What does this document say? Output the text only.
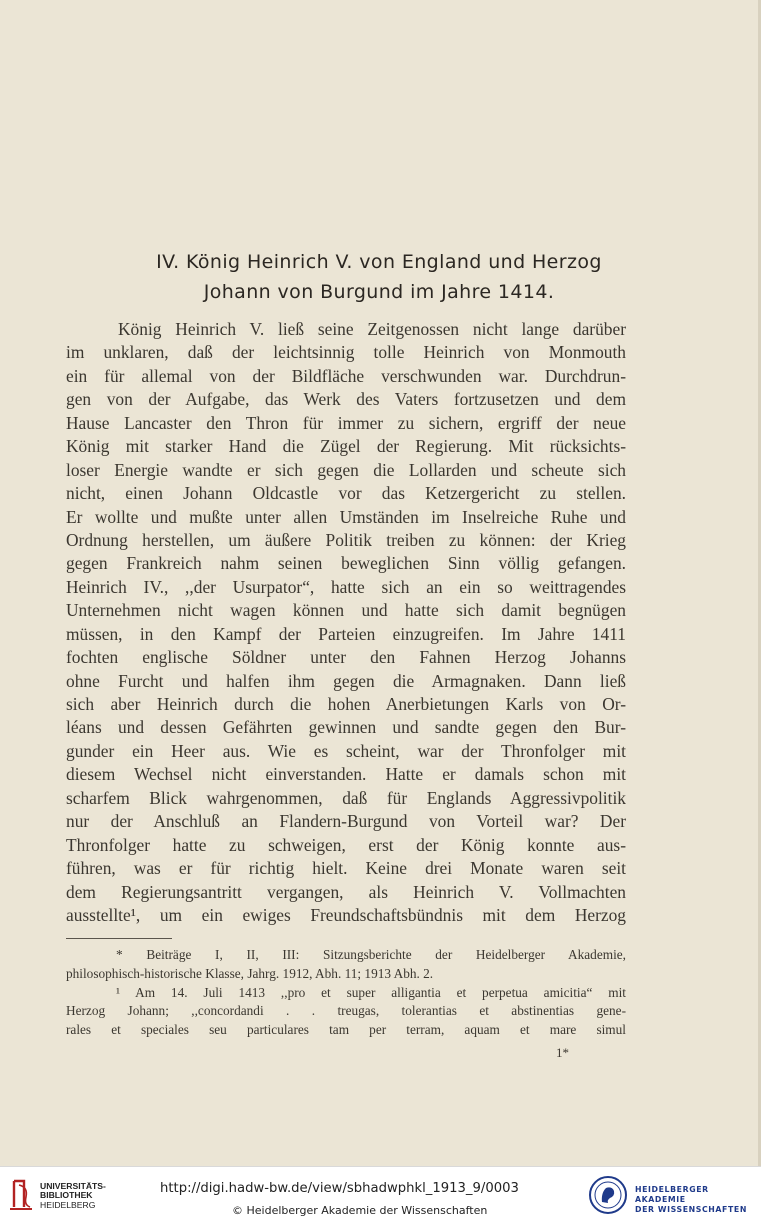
IV. König Heinrich V. von England und Herzog
Johann von Burgund im Jahre 1414.
König Heinrich V. ließ seine Zeitgenossen nicht lange darüber
im unklaren, daß der leichtsinnig tolle Heinrich von Monmouth
ein für allemal von der Bildfläche verschwunden war. Durchdrun-
gen von der Aufgabe, das Werk des Vaters fortzusetzen und dem
Hause Lancaster den Thron für immer zu sichern, ergriff der neue
König mit starker Hand die Zügel der Regierung. Mit rücksichts-
loser Energie wandte er sich gegen die Lollarden und scheute sich
nicht, einen Johann Oldcastle vor das Ketzergericht zu stellen.
Er wollte und mußte unter allen Umständen im Inselreiche Ruhe und
Ordnung herstellen, um äußere Politik treiben zu können: der Krieg
gegen Frankreich nahm seinen beweglichen Sinn völlig gefangen.
Heinrich IV., ,,der Usurpator“, hatte sich an ein so weittragendes
Unternehmen nicht wagen können und hatte sich damit begnügen
müssen, in den Kampf der Parteien einzugreifen. Im Jahre 1411
fochten englische Söldner unter den Fahnen Herzog Johanns
ohne Furcht und halfen ihm gegen die Armagnaken. Dann ließ
sich aber Heinrich durch die hohen Anerbietungen Karls von Or-
léans und dessen Gefährten gewinnen und sandte gegen den Bur-
gunder ein Heer aus. Wie es scheint, war der Thronfolger mit
diesem Wechsel nicht einverstanden. Hatte er damals schon mit
scharfem Blick wahrgenommen, daß für Englands Aggressivpolitik
nur der Anschluß an Flandern-Burgund von Vorteil war? Der
Thronfolger hatte zu schweigen, erst der König konnte aus-
führen, was er für richtig hielt. Keine drei Monate waren seit
dem Regierungsantritt vergangen, als Heinrich V. Vollmachten
ausstellte¹, um ein ewiges Freundschaftsbündnis mit dem Herzog
* Beiträge I, II, III: Sitzungsberichte der Heidelberger Akademie,
philosophisch-historische Klasse, Jahrg. 1912, Abh. 11; 1913 Abh. 2.
¹ Am 14. Juli 1413 ,,pro et super alligantia et perpetua amicitia“ mit
Herzog Johann; ,,concordandi . . treugas, tolerantias et abstinentias gene-
rales et speciales seu particulares tam per terram, aquam et mare simul
1*
UNIVERSITÄTS-
BIBLIOTHEK
HEIDELBERG
http://digi.hadw-bw.de/view/sbhadwphkl_1913_9/0003
© Heidelberger Akademie der Wissenschaften
HEIDELBERGER AKADEMIE
DER WISSENSCHAFTEN
